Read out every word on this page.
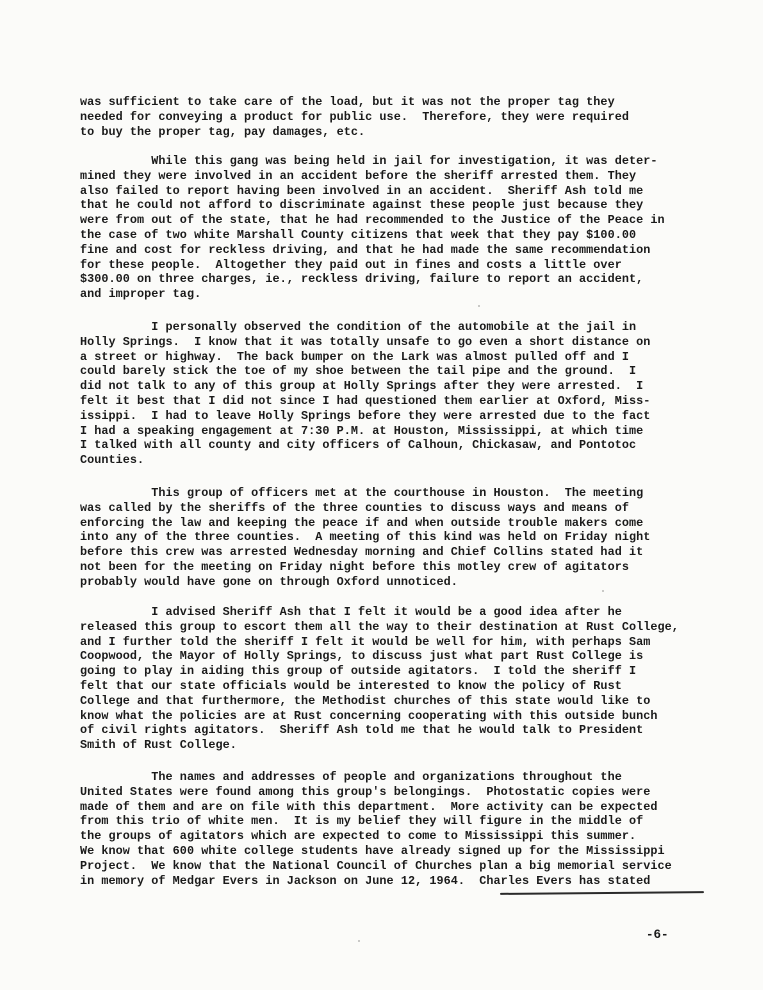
was sufficient to take care of the load, but it was not the proper tag they

needed for conveying a product for public use.  Therefore, they were required

to buy the proper tag, pay damages, etc.

While this gang was being held in jail for investigation, it was deter-

mined they were involved in an accident before the sheriff arrested them. They

also failed to report having been involved in an accident.  Sheriff Ash told me

that he could not afford to discriminate against these people just because they

were from out of the state, that he had recommended to the Justice of the Peace in

the case of two white Marshall County citizens that week that they pay $100.00

fine and cost for reckless driving, and that he had made the same recommendation

for these people.  Altogether they paid out in fines and costs a little over

$300.00 on three charges, ie., reckless driving, failure to report an accident,

and improper tag.

I personally observed the condition of the automobile at the jail in

Holly Springs.  I know that it was totally unsafe to go even a short distance on

a street or highway.  The back bumper on the Lark was almost pulled off and I

could barely stick the toe of my shoe between the tail pipe and the ground.  I

did not talk to any of this group at Holly Springs after they were arrested.  I

felt it best that I did not since I had questioned them earlier at Oxford, Miss-

issippi.  I had to leave Holly Springs before they were arrested due to the fact

I had a speaking engagement at 7:30 P.M. at Houston, Mississippi, at which time

I talked with all county and city officers of Calhoun, Chickasaw, and Pontotoc

Counties.

This group of officers met at the courthouse in Houston.  The meeting

was called by the sheriffs of the three counties to discuss ways and means of

enforcing the law and keeping the peace if and when outside trouble makers come

into any of the three counties.  A meeting of this kind was held on Friday night

before this crew was arrested Wednesday morning and Chief Collins stated had it

not been for the meeting on Friday night before this motley crew of agitators

probably would have gone on through Oxford unnoticed.

I advised Sheriff Ash that I felt it would be a good idea after he

released this group to escort them all the way to their destination at Rust College,

and I further told the sheriff I felt it would be well for him, with perhaps Sam

Coopwood, the Mayor of Holly Springs, to discuss just what part Rust College is

going to play in aiding this group of outside agitators.  I told the sheriff I

felt that our state officials would be interested to know the policy of Rust

College and that furthermore, the Methodist churches of this state would like to

know what the policies are at Rust concerning cooperating with this outside bunch

of civil rights agitators.  Sheriff Ash told me that he would talk to President

Smith of Rust College.

The names and addresses of people and organizations throughout the

United States were found among this group's belongings.  Photostatic copies were

made of them and are on file with this department.  More activity can be expected

from this trio of white men.  It is my belief they will figure in the middle of

the groups of agitators which are expected to come to Mississippi this summer.

We know that 600 white college students have already signed up for the Mississippi

Project.  We know that the National Council of Churches plan a big memorial service

in memory of Medgar Evers in Jackson on June 12, 1964.  Charles Evers has stated

-6-
